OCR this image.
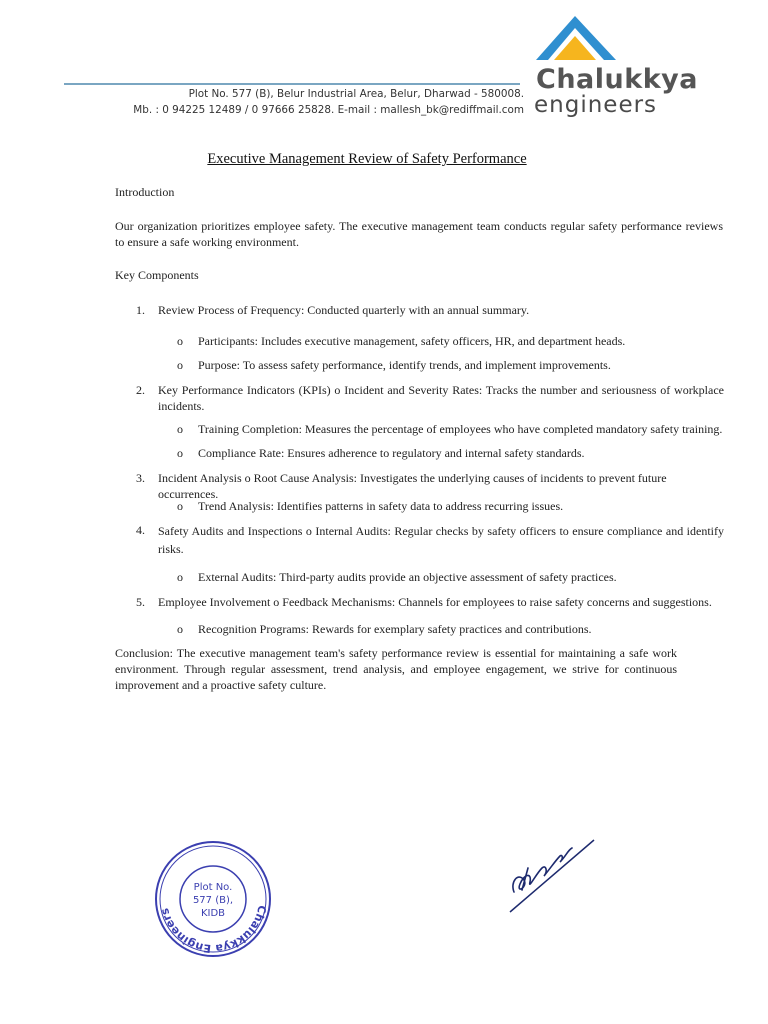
Plot No. 577 (B), Belur Industrial Area, Belur, Dharwad - 580008.
Mb. : 0 94225 12489 / 0 97666 25828. E-mail : mallesh_bk@rediffmail.com
Chalukkya
engineers
Executive Management Review of Safety Performance
Introduction
Our organization prioritizes employee safety. The executive management team conducts regular safety performance reviews to ensure a safe working environment.
Key Components
1. Review Process of Frequency: Conducted quarterly with an annual summary.
o Participants: Includes executive management, safety officers, HR, and department heads.
o Purpose: To assess safety performance, identify trends, and implement improvements.
2. Key Performance Indicators (KPIs) o Incident and Severity Rates: Tracks the number and seriousness of workplace incidents.
o Training Completion: Measures the percentage of employees who have completed mandatory safety training.
o Compliance Rate: Ensures adherence to regulatory and internal safety standards.
3. Incident Analysis o Root Cause Analysis: Investigates the underlying causes of incidents to prevent future occurrences.
o Trend Analysis: Identifies patterns in safety data to address recurring issues.
4. Safety Audits and Inspections o Internal Audits: Regular checks by safety officers to ensure compliance and identify risks.
o External Audits: Third-party audits provide an objective assessment of safety practices.
5. Employee Involvement o Feedback Mechanisms: Channels for employees to raise safety concerns and suggestions.
o Recognition Programs: Rewards for exemplary safety practices and contributions.
Conclusion: The executive management team's safety performance review is essential for maintaining a safe work environment. Through regular assessment, trend analysis, and employee engagement, we strive for continuous improvement and a proactive safety culture.
Chalukkya Engineers
Plot No.
577 (B),
KIDB
